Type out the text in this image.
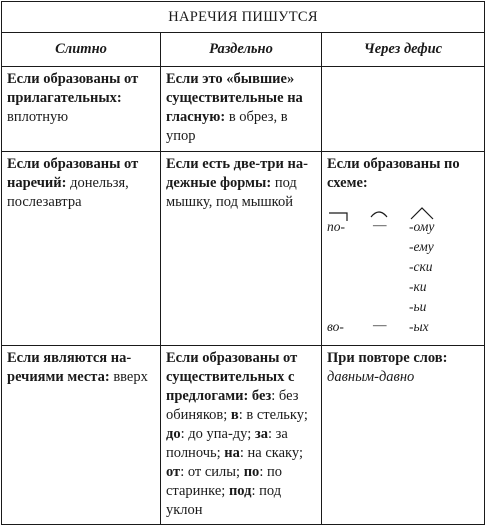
НАРЕЧИЯ ПИШУТСЯ
Слитно	Раздельно	Через дефис
Если образованы от прилагательных: вплотную
Если это «бывшие» существительные на гласную: в обрез, в упор
Если образованы от наречий: донельзя, послезавтра
Если есть две-три на-дежные формы: под мышку, под мышкой
Если образованы по схеме:
по- — -ому
-ему
-ски
-ки
-ьи
во- — -ых
Если являются на-речиями места: вверх
Если образованы от существительных с предлогами: без: без обиняков; в: в стельку; до: до упа-ду; за: за полночь; на: на скаку; от: от силы; по: по старинке; под: под уклон
При повторе слов:
давным-давно
